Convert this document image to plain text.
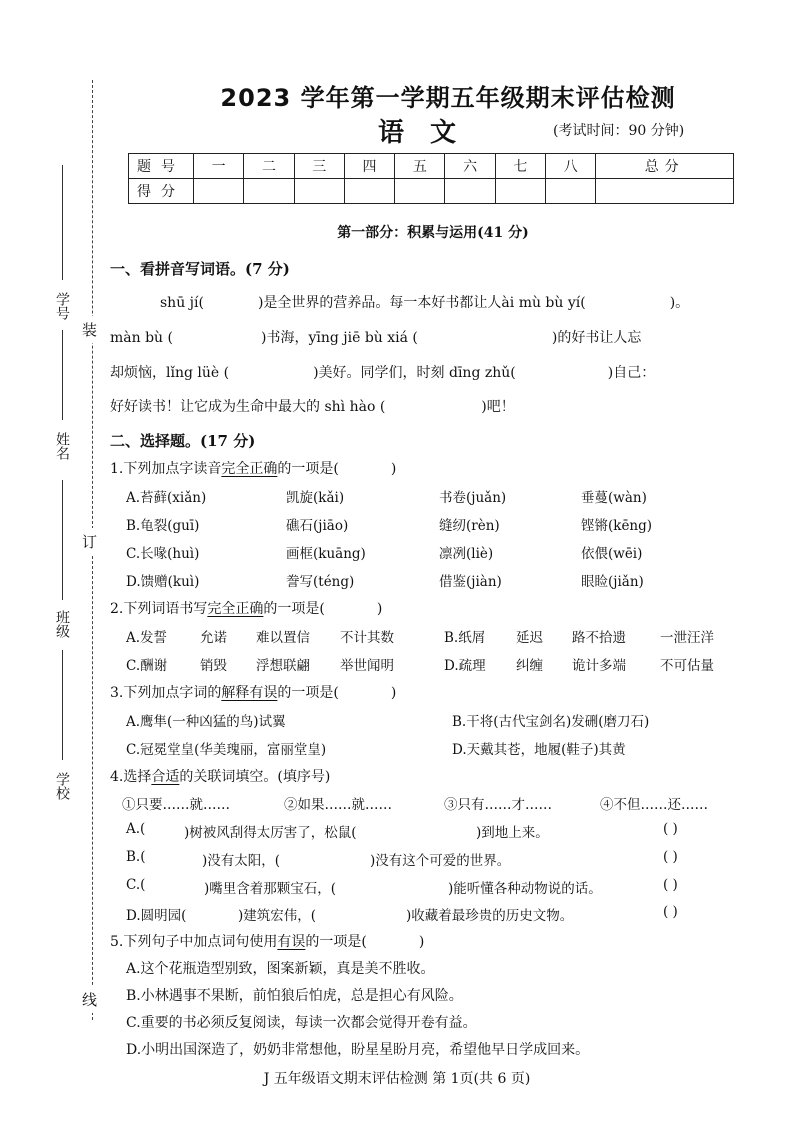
学号
姓名
班级
学校
装
订
线
2023 学年第一学期五年级期末评估检测
语文	(考试时间：90 分钟)
题号	一	二	三	四	五	六	七	八	总分
得分									
第一部分：积累与运用(41 分)
一、看拼音写词语。(7 分)
shū jí(	)是全世界的营养品。每一本好书都让人ài mù bù yí(	)。
màn bù (	)书海，yīng jiē bù xiá (	)的好书让人忘
却烦恼，lǐng lüè (	)美好。同学们，时刻 dīng zhǔ(	)自己：
好好读书！让它成为生命中最大的 shì hào (	)吧！
二、选择题。(17 分)
1.下列加点字读音完全正确的一项是(	)
A.苔藓(xiǎn)	凯旋(kǎi)	书卷(juǎn)	垂蔓(wàn)
B.龟裂(guī)	礁石(jiāo)	缝纫(rèn)	铿锵(kēng)
C.长喙(huì)	画框(kuāng)	凛冽(liè)	依偎(wēi)
D.馈赠(kuì)	誊写(téng)	借鉴(jiàn)	眼睑(jiǎn)
2.下列词语书写完全正确的一项是(	)
A.发誓 允诺 难以置信 不计其数	B.纸屑 延迟 路不拾遗	一泄汪洋
C.酬谢 销毁 浮想联翩 举世闻明	D.疏理 纠缠 诡计多端	不可估量
3.下列加点字词的解释有误的一项是(	)
A.鹰隼(一种凶猛的鸟)试翼	B.干将(古代宝剑名)发硎(磨刀石)
C.冠冕堂皇(华美瑰丽，富丽堂皇)	D.天戴其苍，地履(鞋子)其黄
4.选择合适的关联词填空。(填序号)
①只要……就……	②如果……就……	③只有……才……	④不但……还……
A.(	)树被风刮得太厉害了，松鼠(	)到地上来。	( )
B.(	)没有太阳，(	)没有这个可爱的世界。	( )
C.(	)嘴里含着那颗宝石，(	)能听懂各种动物说的话。	( )
D.圆明园(	)建筑宏伟，(	)收藏着最珍贵的历史文物。	( )
5.下列句子中加点词句使用有误的一项是(	)
A.这个花瓶造型别致，图案新颖，真是美不胜收。
B.小林遇事不果断，前怕狼后怕虎，总是担心有风险。
C.重要的书必须反复阅读，每读一次都会觉得开卷有益。
D.小明出国深造了，奶奶非常想他，盼星星盼月亮，希望他早日学成回来。
J 五年级语文期末评估检测 第 1页(共 6 页)
